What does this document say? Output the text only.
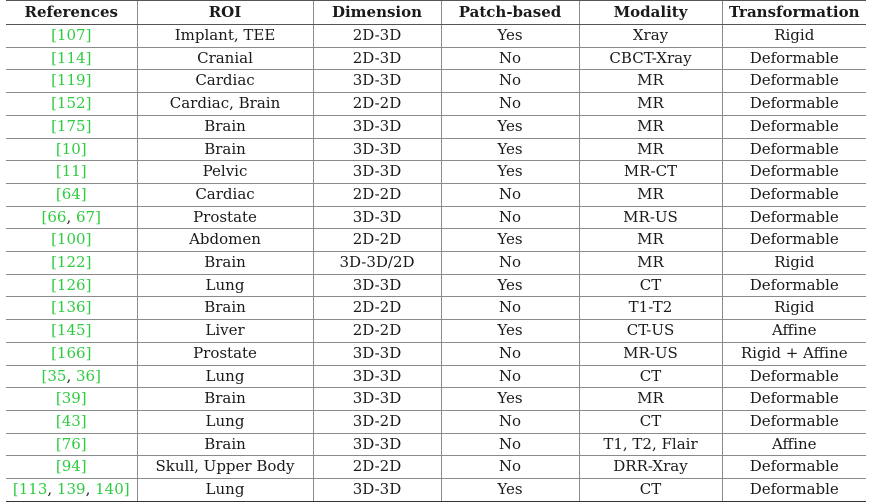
References	ROI	Dimension	Patch-based	Modality	Transformation
[107]	Implant, TEE	2D-3D	Yes	Xray	Rigid
[114]	Cranial	2D-3D	No	CBCT-Xray	Deformable
[119]	Cardiac	3D-3D	No	MR	Deformable
[152]	Cardiac, Brain	2D-2D	No	MR	Deformable
[175]	Brain	3D-3D	Yes	MR	Deformable
[10]	Brain	3D-3D	Yes	MR	Deformable
[11]	Pelvic	3D-3D	Yes	MR-CT	Deformable
[64]	Cardiac	2D-2D	No	MR	Deformable
[66, 67]	Prostate	3D-3D	No	MR-US	Deformable
[100]	Abdomen	2D-2D	Yes	MR	Deformable
[122]	Brain	3D-3D/2D	No	MR	Rigid
[126]	Lung	3D-3D	Yes	CT	Deformable
[136]	Brain	2D-2D	No	T1-T2	Rigid
[145]	Liver	2D-2D	Yes	CT-US	Affine
[166]	Prostate	3D-3D	No	MR-US	Rigid + Affine
[35, 36]	Lung	3D-3D	No	CT	Deformable
[39]	Brain	3D-3D	Yes	MR	Deformable
[43]	Lung	3D-2D	No	CT	Deformable
[76]	Brain	3D-3D	No	T1, T2, Flair	Affine
[94]	Skull, Upper Body	2D-2D	No	DRR-Xray	Deformable
[113, 139, 140]	Lung	3D-3D	Yes	CT	Deformable
